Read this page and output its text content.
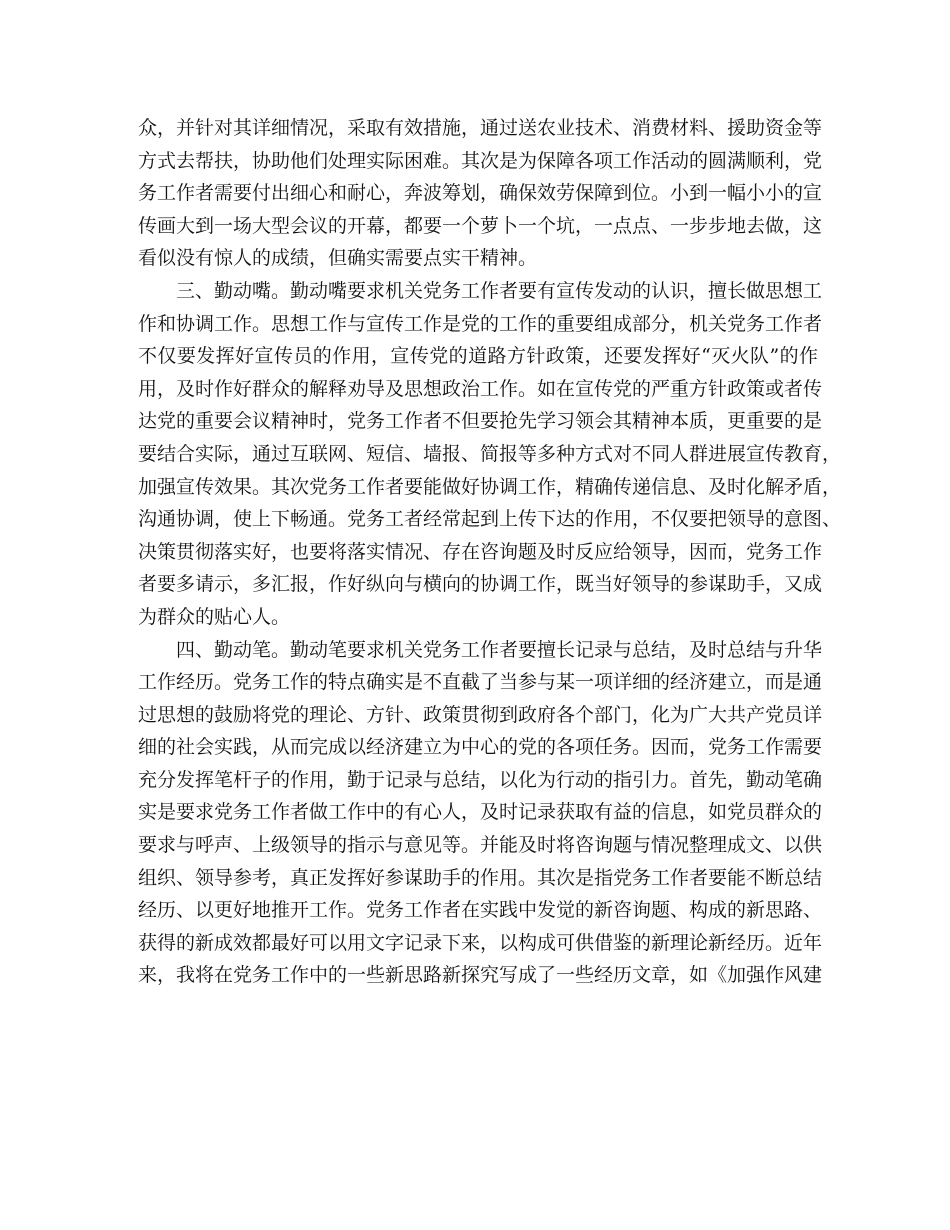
众，并针对其详细情况，采取有效措施，通过送农业技术、消费材料、援助资金等
方式去帮扶，协助他们处理实际困难。其次是为保障各项工作活动的圆满顺利，党
务工作者需要付出细心和耐心，奔波筹划，确保效劳保障到位。小到一幅小小的宣
传画大到一场大型会议的开幕，都要一个萝卜一个坑，一点点、一步步地去做，这
看似没有惊人的成绩，但确实需要点实干精神。
　　三、勤动嘴。勤动嘴要求机关党务工作者要有宣传发动的认识，擅长做思想工
作和协调工作。思想工作与宣传工作是党的工作的重要组成部分，机关党务工作者
不仅要发挥好宣传员的作用，宣传党的道路方针政策，还要发挥好“灭火队”的作
用，及时作好群众的解释劝导及思想政治工作。如在宣传党的严重方针政策或者传
达党的重要会议精神时，党务工作者不但要抢先学习领会其精神本质，更重要的是
要结合实际，通过互联网、短信、墙报、简报等多种方式对不同人群进展宣传教育，
加强宣传效果。其次党务工作者要能做好协调工作，精确传递信息、及时化解矛盾，
沟通协调，使上下畅通。党务工者经常起到上传下达的作用，不仅要把领导的意图、
决策贯彻落实好，也要将落实情况、存在咨询题及时反应给领导，因而，党务工作
者要多请示，多汇报，作好纵向与横向的协调工作，既当好领导的参谋助手，又成
为群众的贴心人。
　　四、勤动笔。勤动笔要求机关党务工作者要擅长记录与总结，及时总结与升华
工作经历。党务工作的特点确实是不直截了当参与某一项详细的经济建立，而是通
过思想的鼓励将党的理论、方针、政策贯彻到政府各个部门，化为广大共产党员详
细的社会实践，从而完成以经济建立为中心的党的各项任务。因而，党务工作需要
充分发挥笔杆子的作用，勤于记录与总结，以化为行动的指引力。首先，勤动笔确
实是要求党务工作者做工作中的有心人，及时记录获取有益的信息，如党员群众的
要求与呼声、上级领导的指示与意见等。并能及时将咨询题与情况整理成文、以供
组织、领导参考，真正发挥好参谋助手的作用。其次是指党务工作者要能不断总结
经历、以更好地推开工作。党务工作者在实践中发觉的新咨询题、构成的新思路、
获得的新成效都最好可以用文字记录下来，以构成可供借鉴的新理论新经历。近年
来，我将在党务工作中的一些新思路新探究写成了一些经历文章，如《加强作风建
